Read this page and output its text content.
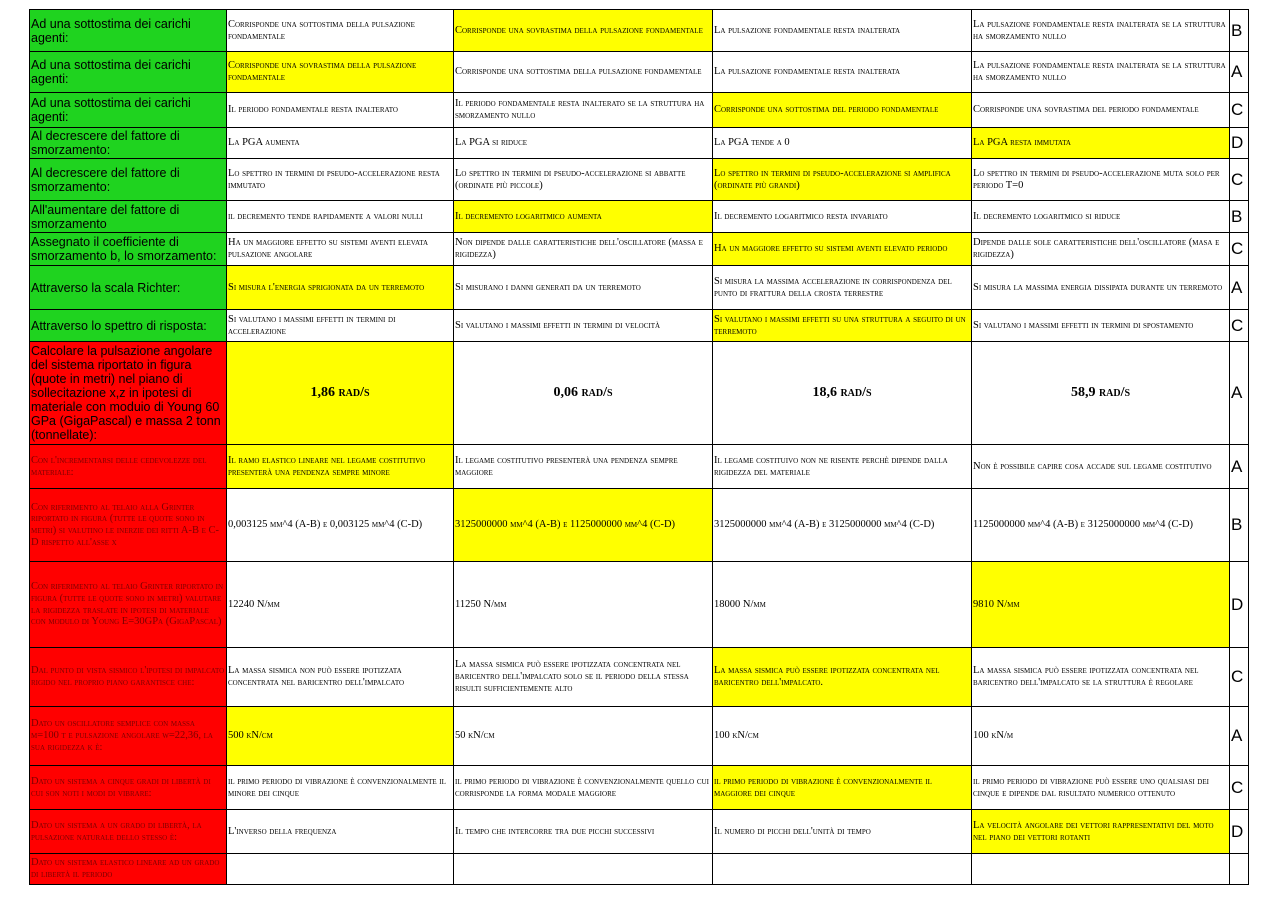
Ad una sottostima dei carichi agenti:	Corrisponde una sottostima della pulsazione fondamentale	Corrisponde una sovrastima della pulsazione fondamentale	La pulsazione fondamentale resta inalterata	La pulsazione fondamentale resta inalterata se la struttura ha smorzamento nullo	B

Ad una sottostima dei carichi agenti:	Corrisponde una sovrastima della pulsazione fondamentale	Corrisponde una sottostima della pulsazione fondamentale	La pulsazione fondamentale resta inalterata	La pulsazione fondamentale resta inalterata se la struttura ha smorzamento nullo	A

Ad una sottostima dei carichi agenti:	Il periodo fondamentale resta inalterato	Il periodo fondamentale resta inalterato se la struttura ha smorzamento nullo	Corrisponde una sottostima del periodo fondamentale	Corrisponde una sovrastima del periodo fondamentale	C

Al decrescere del fattore di smorzamento:	La PGA aumenta	La PGA si riduce	La PGA tende a 0	La PGA resta immutata	D

Al decrescere del fattore di smorzamento:	Lo spettro in termini di pseudo-accelerazione resta immutato	Lo spettro in termini di pseudo-accelerazione si abbatte (ordinate più piccole)	Lo spettro in termini di pseudo-accelerazione si amplifica (ordinate più grandi)	Lo spettro in termini di pseudo-accelerazione muta solo per periodo T=0	C

All'aumentare del fattore di smorzamento	il decremento tende rapidamente a valori nulli	Il decremento logaritmico aumenta	Il decremento logaritmico resta invariato	Il decremento logaritmico si riduce	B

Assegnato il coefficiente di smorzamento b, lo smorzamento:	Ha un maggiore effetto su sistemi aventi elevata pulsazione angolare	Non dipende dalle caratteristiche dell'oscillatore (massa e rigidezza)	Ha un maggiore effetto su sistemi aventi elevato periodo	Dipende dalle sole caratteristiche dell'oscillatore (masa e rigidezza)	C

Attraverso la scala Richter:	Si misura l'energia sprigionata da un terremoto	Si misurano i danni generati da un terremoto	Si misura la massima accelerazione in corrispondenza del punto di frattura della crosta terrestre	Si misura la massima energia dissipata durante un terremoto	A

Attraverso lo spettro di risposta:	Si valutano i massimi effetti in termini di accelerazione	Si valutano i massimi effetti in termini di velocità	Si valutano i massimi effetti su una struttura a seguito di un terremoto	Si valutano i massimi effetti in termini di spostamento	C

Calcolare la pulsazione angolare del sistema riportato in figura (quote in metri) nel piano di sollecitazione x,z in ipotesi di materiale con moduio di Young 60 GPa (GigaPascal) e massa 2 tonn (tonnellate):	1,86 rad/s	0,06 rad/s	18,6 rad/s	58,9 rad/s	A

Con l'incrementarsi delle cedevolezze del materiale:	Il ramo elastico lineare nel legame costitutivo presenterà una pendenza sempre minore	Il legame costitutivo presenterà una pendenza sempre maggiore	Il legame costituivo non ne risente perchè dipende dalla rigidezza del materiale	Non è possibile capire cosa accade sul legame costitutivo	A

Con riferimento al telaio alla Grinter riportato in figura (tutte le quote sono in metri) si valutino le inerzie dei ritti A-B e C-D rispetto all'asse x	0,003125 mm^4 (A-B) e 0,003125 mm^4 (C-D)	3125000000 mm^4 (A-B) e 1125000000 mm^4 (C-D)	3125000000 mm^4 (A-B) e 3125000000 mm^4 (C-D)	1125000000 mm^4 (A-B) e 3125000000 mm^4 (C-D)	B

Con riferimento al telaio Grinter riportato in figura (tutte le quote sono in metri) valutare la rigidezza traslate in ipotesi di materiale con modulo di Young E=30GPa (GigaPascal)	12240 N/mm	11250 N/mm	18000 N/mm	9810 N/mm	D

Dal punto di vista sismico l'ipotesi di impalcato rigido nel proprio piano garantisce che:	La massa sismica non può essere ipotizzata concentrata nel baricentro dell'impalcato	La massa sismica può essere ipotizzata concentrata nel baricentro dell'impalcato solo se il periodo della stessa risulti sufficientemente alto	La massa sismica può essere ipotizzata concentrata nel baricentro dell'impalcato.	La massa sismica può essere ipotizzata concentrata nel baricentro dell'impalcato se la struttura è regolare	C

Dato un oscillatore semplice con massa m=100 t e pulsazione angolare w=22,36, la sua rigidezza k è:	500 kN/cm	50 kN/cm	100 kN/cm	100 kN/m	A

Dato un sistema a cinque gradi di libertà di cui son noti i modi di vibrare:	il primo periodo di vibrazione è convenzionalmente il minore dei cinque	il primo periodo di vibrazione è convenzionalmente quello cui corrisponde la forma modale maggiore	il primo periodo di vibrazione è convenzionalmente il maggiore dei cinque	il primo periodo di vibrazione può essere uno qualsiasi dei cinque e dipende dal risultato numerico ottenuto	C

Dato un sistema a un grado di libertà, la pulsazione naturale dello stesso è:	L'inverso della frequenza	Il tempo che intercorre tra due picchi successivi	Il numero di picchi dell'unità di tempo	La velocità angolare dei vettori rappresentativi del moto nel piano dei vettori rotanti	D

Dato un sistema elastico lineare ad un grado di libertà il periodo					
